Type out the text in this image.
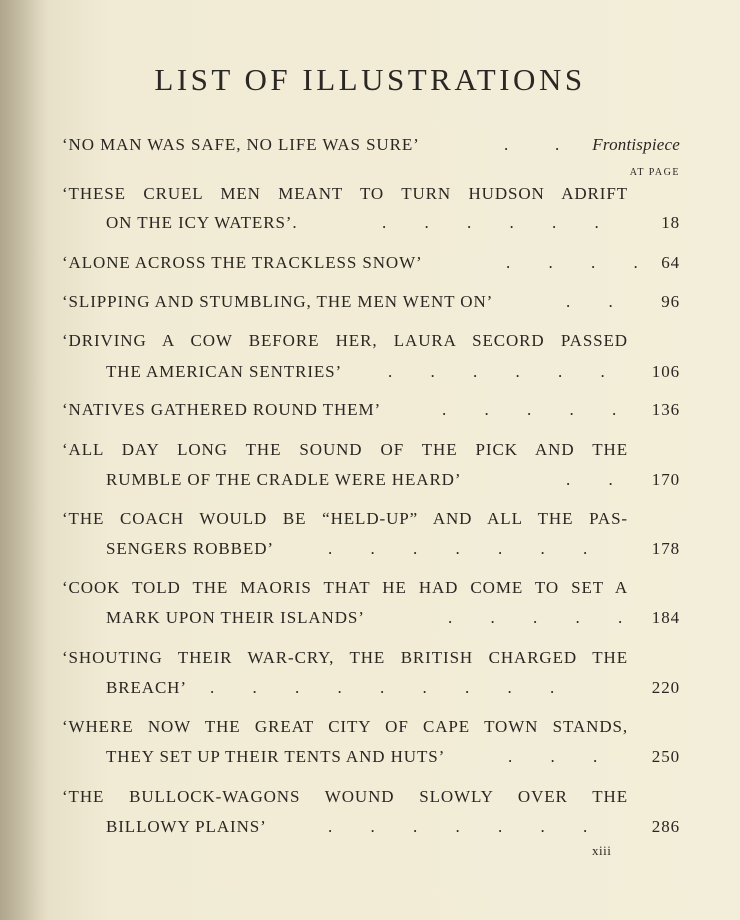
LIST OF ILLUSTRATIONS
‘NO MAN WAS SAFE, NO LIFE WAS SURE’	.           . Frontispiece
AT PAGE
‘THESE CRUEL MEN MEANT TO TURN HUDSON ADRIFT
ON THE ICY WATERS’.	.         .         .         .         .         .	18
‘ALONE ACROSS THE TRACKLESS SNOW’	.         .         .         . 64
‘SLIPPING AND STUMBLING, THE MEN WENT ON’	.         .	96
‘DRIVING A COW BEFORE HER, LAURA SECORD PASSED
THE AMERICAN SENTRIES’	.         .         .         .         .         .	106
‘NATIVES GATHERED ROUND THEM’	.         .         .         .         . 136
‘ALL DAY LONG THE SOUND OF THE PICK AND THE
RUMBLE OF THE CRADLE WERE HEARD’	.         . 170
‘THE COACH WOULD BE “HELD-UP” AND ALL THE PAS-
SENGERS ROBBED’	.         .         .         .         .         .         .	178
‘COOK TOLD THE MAORIS THAT HE HAD COME TO SET A
MARK UPON THEIR ISLANDS’	.         .         .         .         . 184
‘SHOUTING THEIR WAR-CRY, THE BRITISH CHARGED THE
BREACH’ .         .         .         .         .         .         .         .         .	220
‘WHERE NOW THE GREAT CITY OF CAPE TOWN STANDS,
THEY SET UP THEIR TENTS AND HUTS’	.         .         .	250
‘THE BULLOCK-WAGONS WOUND SLOWLY OVER THE
BILLOWY PLAINS’	.         .         .         .         .         .         .	286
xiii
